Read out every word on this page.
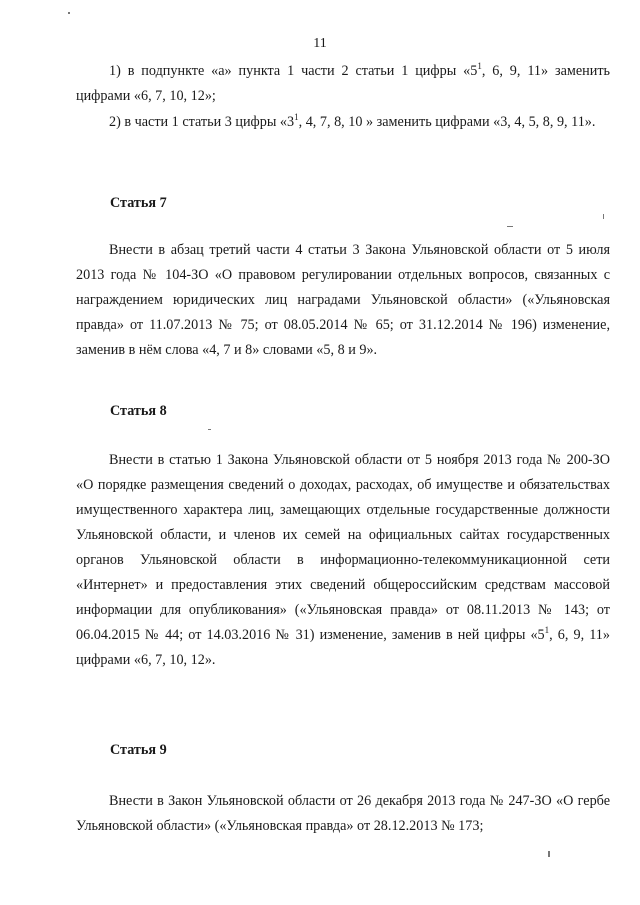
11

1) в подпункте «а» пункта 1 части 2 статьи 1 цифры «$5^1$, 6, 9, 11» заменить цифрами «6, 7, 10, 12»;

2) в части 1 статьи 3 цифры «$3^1$, 4, 7, 8, 10 » заменить цифрами «3, 4, 5, 8, 9, 11».

Статья 7

Внести в абзац третий части 4 статьи 3 Закона Ульяновской области от 5 июля 2013 года № 104-ЗО «О правовом регулировании отдельных вопросов, связанных с награждением юридических лиц наградами Ульяновской области» («Ульяновская правда» от 11.07.2013 № 75; от 08.05.2014 № 65; от 31.12.2014 № 196) изменение, заменив в нём слова «4, 7 и 8» словами «5, 8 и 9».

Статья 8

Внести в статью 1 Закона Ульяновской области от 5 ноября 2013 года № 200-ЗО «О порядке размещения сведений о доходах, расходах, об имуществе и обязательствах имущественного характера лиц, замещающих отдельные государственные должности Ульяновской области, и членов их семей на официальных сайтах государственных органов Ульяновской области в информационно-телекоммуникационной сети «Интернет» и предоставления этих сведений общероссийским средствам массовой информации для опубликования» («Ульяновская правда» от 08.11.2013 № 143; от 06.04.2015 № 44; от 14.03.2016 № 31) изменение, заменив в ней цифры «$5^1$, 6, 9, 11» цифрами «6, 7, 10, 12».

Статья 9

Внести в Закон Ульяновской области от 26 декабря 2013 года № 247-ЗО «О гербе Ульяновской области» («Ульяновская правда» от 28.12.2013 № 173;
